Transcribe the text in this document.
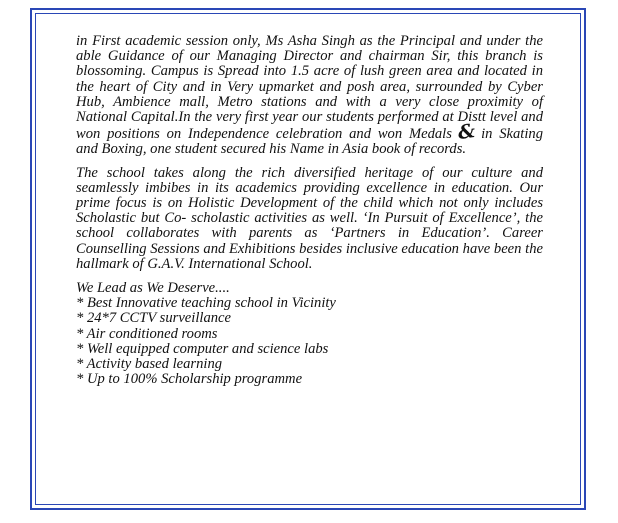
in First academic session only, Ms Asha Singh as the Principal and under the able Guidance of our Managing Director and chairman Sir, this branch is blossoming. Campus is Spread into 1.5 acre of lush green area and located in the heart of City and in Very upmarket and posh area, surrounded by Cyber Hub, Ambience mall, Metro stations and with a very close proximity of National Capital.In the very first year our students performed at Distt level and won positions on Independence celebration and won Medals & in Skating and Boxing, one student secured his Name in Asia book of records.

The school takes along the rich diversified heritage of our culture and seamlessly imbibes in its academics providing excellence in education. Our prime focus is on Holistic Development of the child which not only includes Scholastic but Co- scholastic activities as well. ‘In Pursuit of Excellence’, the school collaborates with parents as ‘Partners in Education’. Career Counselling Sessions and Exhibitions besides inclusive education have been the hallmark of G.A.V. International School.

We Lead as We Deserve....

* Best Innovative teaching school in Vicinity
* 24*7 CCTV surveillance
* Air conditioned rooms
* Well equipped computer and science labs
* Activity based learning
* Up to 100% Scholarship programme
